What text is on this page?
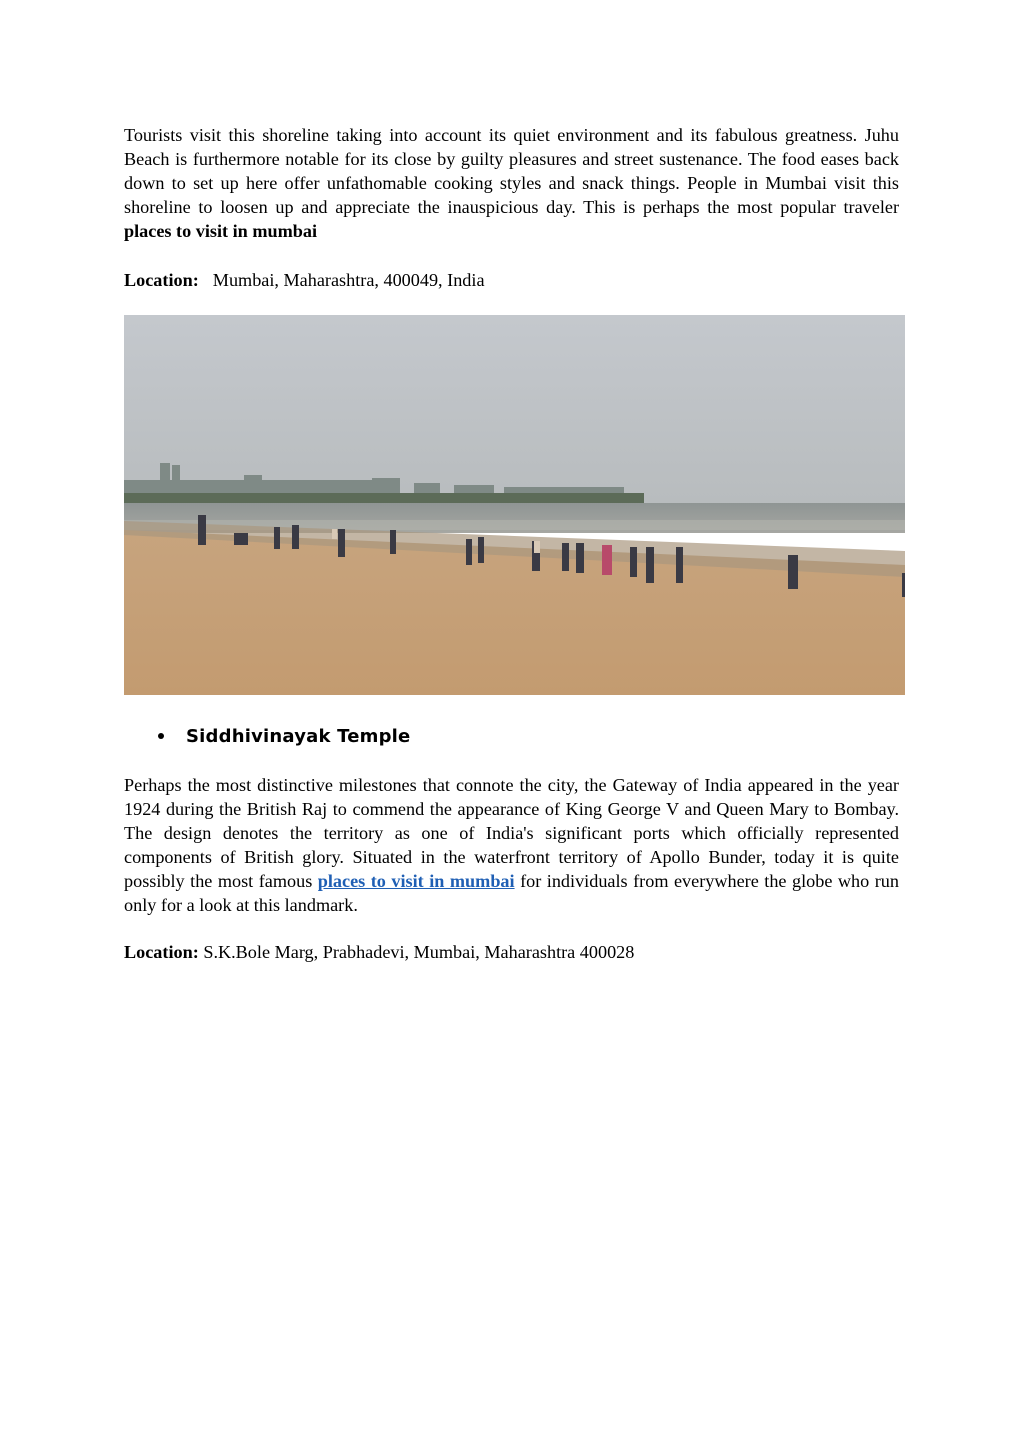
Tourists visit this shoreline taking into account its quiet environment and its fabulous greatness. Juhu Beach is furthermore notable for its close by guilty pleasures and street sustenance. The food eases back down to set up here offer unfathomable cooking styles and snack things. People in Mumbai visit this shoreline to loosen up and appreciate the inauspicious day. This is perhaps the most popular traveler places to visit in mumbai

Location: Mumbai, Maharashtra, 400049, India
Siddhivinayak Temple

Perhaps the most distinctive milestones that connote the city, the Gateway of India appeared in the year 1924 during the British Raj to commend the appearance of King George V and Queen Mary to Bombay. The design denotes the territory as one of India's significant ports which officially represented components of British glory. Situated in the waterfront territory of Apollo Bunder, today it is quite possibly the most famous places to visit in mumbai for individuals from everywhere the globe who run only for a look at this landmark.

Location: S.K.Bole Marg, Prabhadevi, Mumbai, Maharashtra 400028
